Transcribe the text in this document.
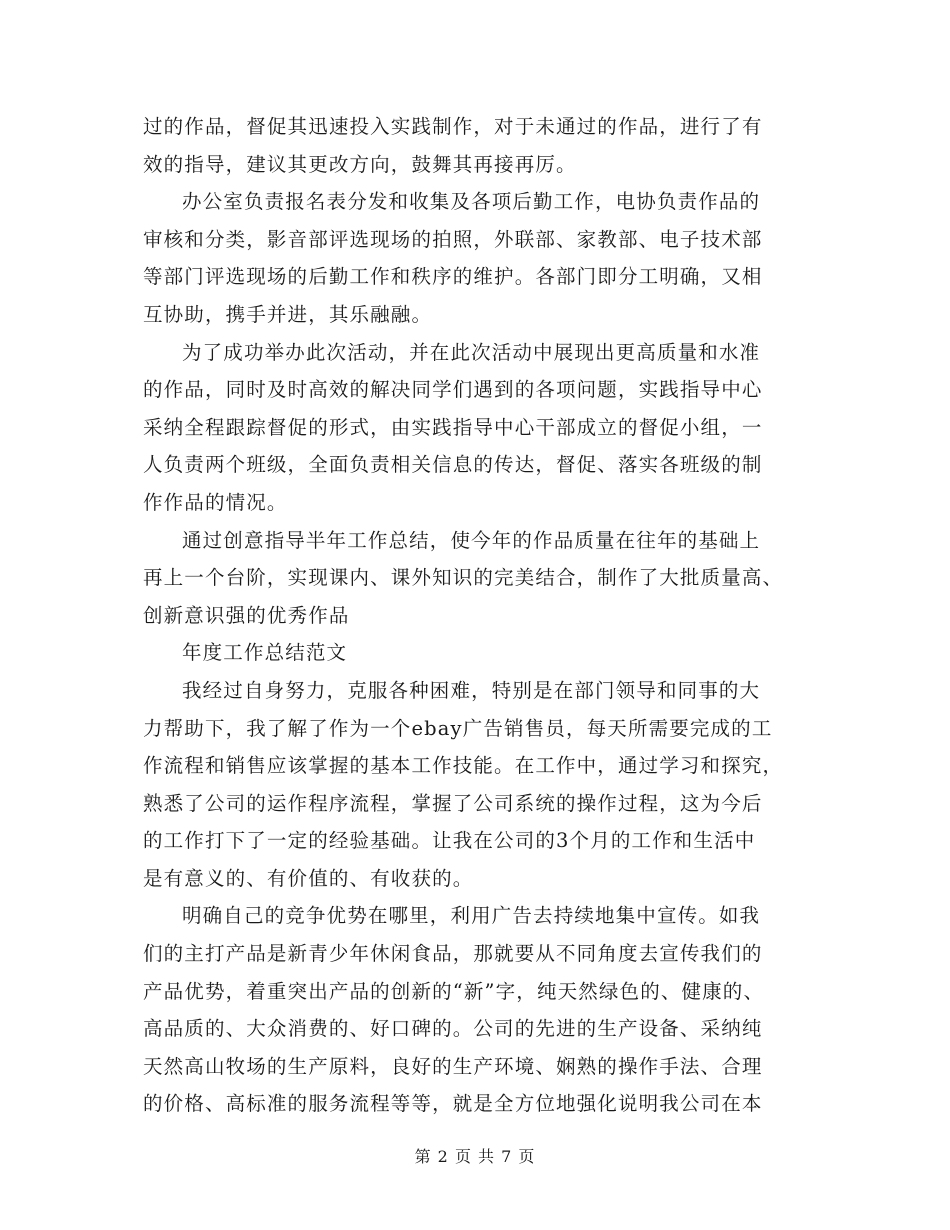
过的作品，督促其迅速投入实践制作，对于未通过的作品，进行了有
效的指导，建议其更改方向，鼓舞其再接再厉。
办公室负责报名表分发和收集及各项后勤工作，电协负责作品的
审核和分类，影音部评选现场的拍照，外联部、家教部、电子技术部
等部门评选现场的后勤工作和秩序的维护。各部门即分工明确，又相
互协助，携手并进，其乐融融。
为了成功举办此次活动，并在此次活动中展现出更高质量和水准
的作品，同时及时高效的解决同学们遇到的各项问题，实践指导中心
采纳全程跟踪督促的形式，由实践指导中心干部成立的督促小组，一
人负责两个班级，全面负责相关信息的传达，督促、落实各班级的制
作作品的情况。
通过创意指导半年工作总结，使今年的作品质量在往年的基础上
再上一个台阶，实现课内、课外知识的完美结合，制作了大批质量高、
创新意识强的优秀作品
年度工作总结范文
我经过自身努力，克服各种困难，特别是在部门领导和同事的大
力帮助下，我了解了作为一个ebay广告销售员，每天所需要完成的工
作流程和销售应该掌握的基本工作技能。在工作中，通过学习和探究，
熟悉了公司的运作程序流程，掌握了公司系统的操作过程，这为今后
的工作打下了一定的经验基础。让我在公司的3个月的工作和生活中
是有意义的、有价值的、有收获的。
明确自己的竞争优势在哪里，利用广告去持续地集中宣传。如我
们的主打产品是新青少年休闲食品，那就要从不同角度去宣传我们的
产品优势，着重突出产品的创新的“新”字，纯天然绿色的、健康的、
高品质的、大众消费的、好口碑的。公司的先进的生产设备、采纳纯
天然高山牧场的生产原料，良好的生产环境、娴熟的操作手法、合理
的价格、高标准的服务流程等等，就是全方位地强化说明我公司在本
第 2 页 共 7 页
